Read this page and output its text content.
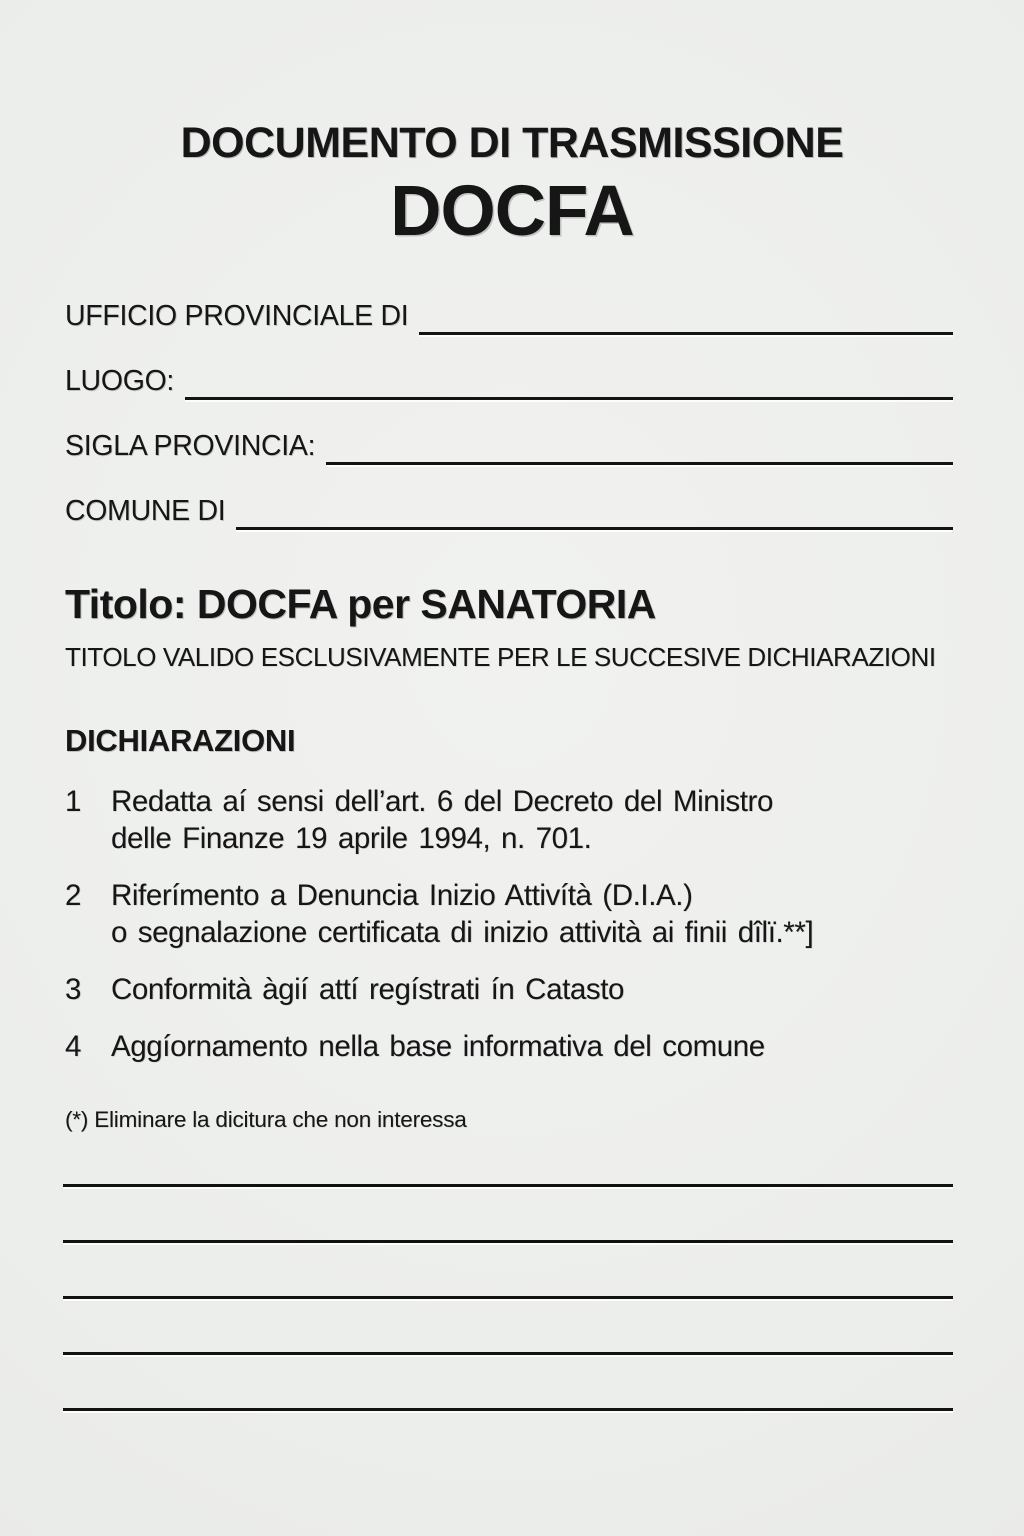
DOCUMENTO DI TRASMISSIONE
DOCFA
UFFICIO PROVINCIALE DI
LUOGO:
SIGLA PROVINCIA:
COMUNE DI
Titolo: DOCFA per SANATORIA
TITOLO VALIDO ESCLUSIVAMENTE PER LE SUCCESIVE DICHIARAZIONI
DICHIARAZIONI
1	Redatta aí sensi dell’art. 6 del Decreto del Ministro
delle Finanze 19 aprile 1994, n. 701.
2	Riferímento a Denuncia Inizio Attivítà (D.I.A.)
o segnalazione certificata di inizio attività ai finii dîlï.**]
3	Conformità àgií attí regístrati ín Catasto
4	Aggíornamento nella base informativa del comune
(*) Eliminare la dicitura che non interessa
